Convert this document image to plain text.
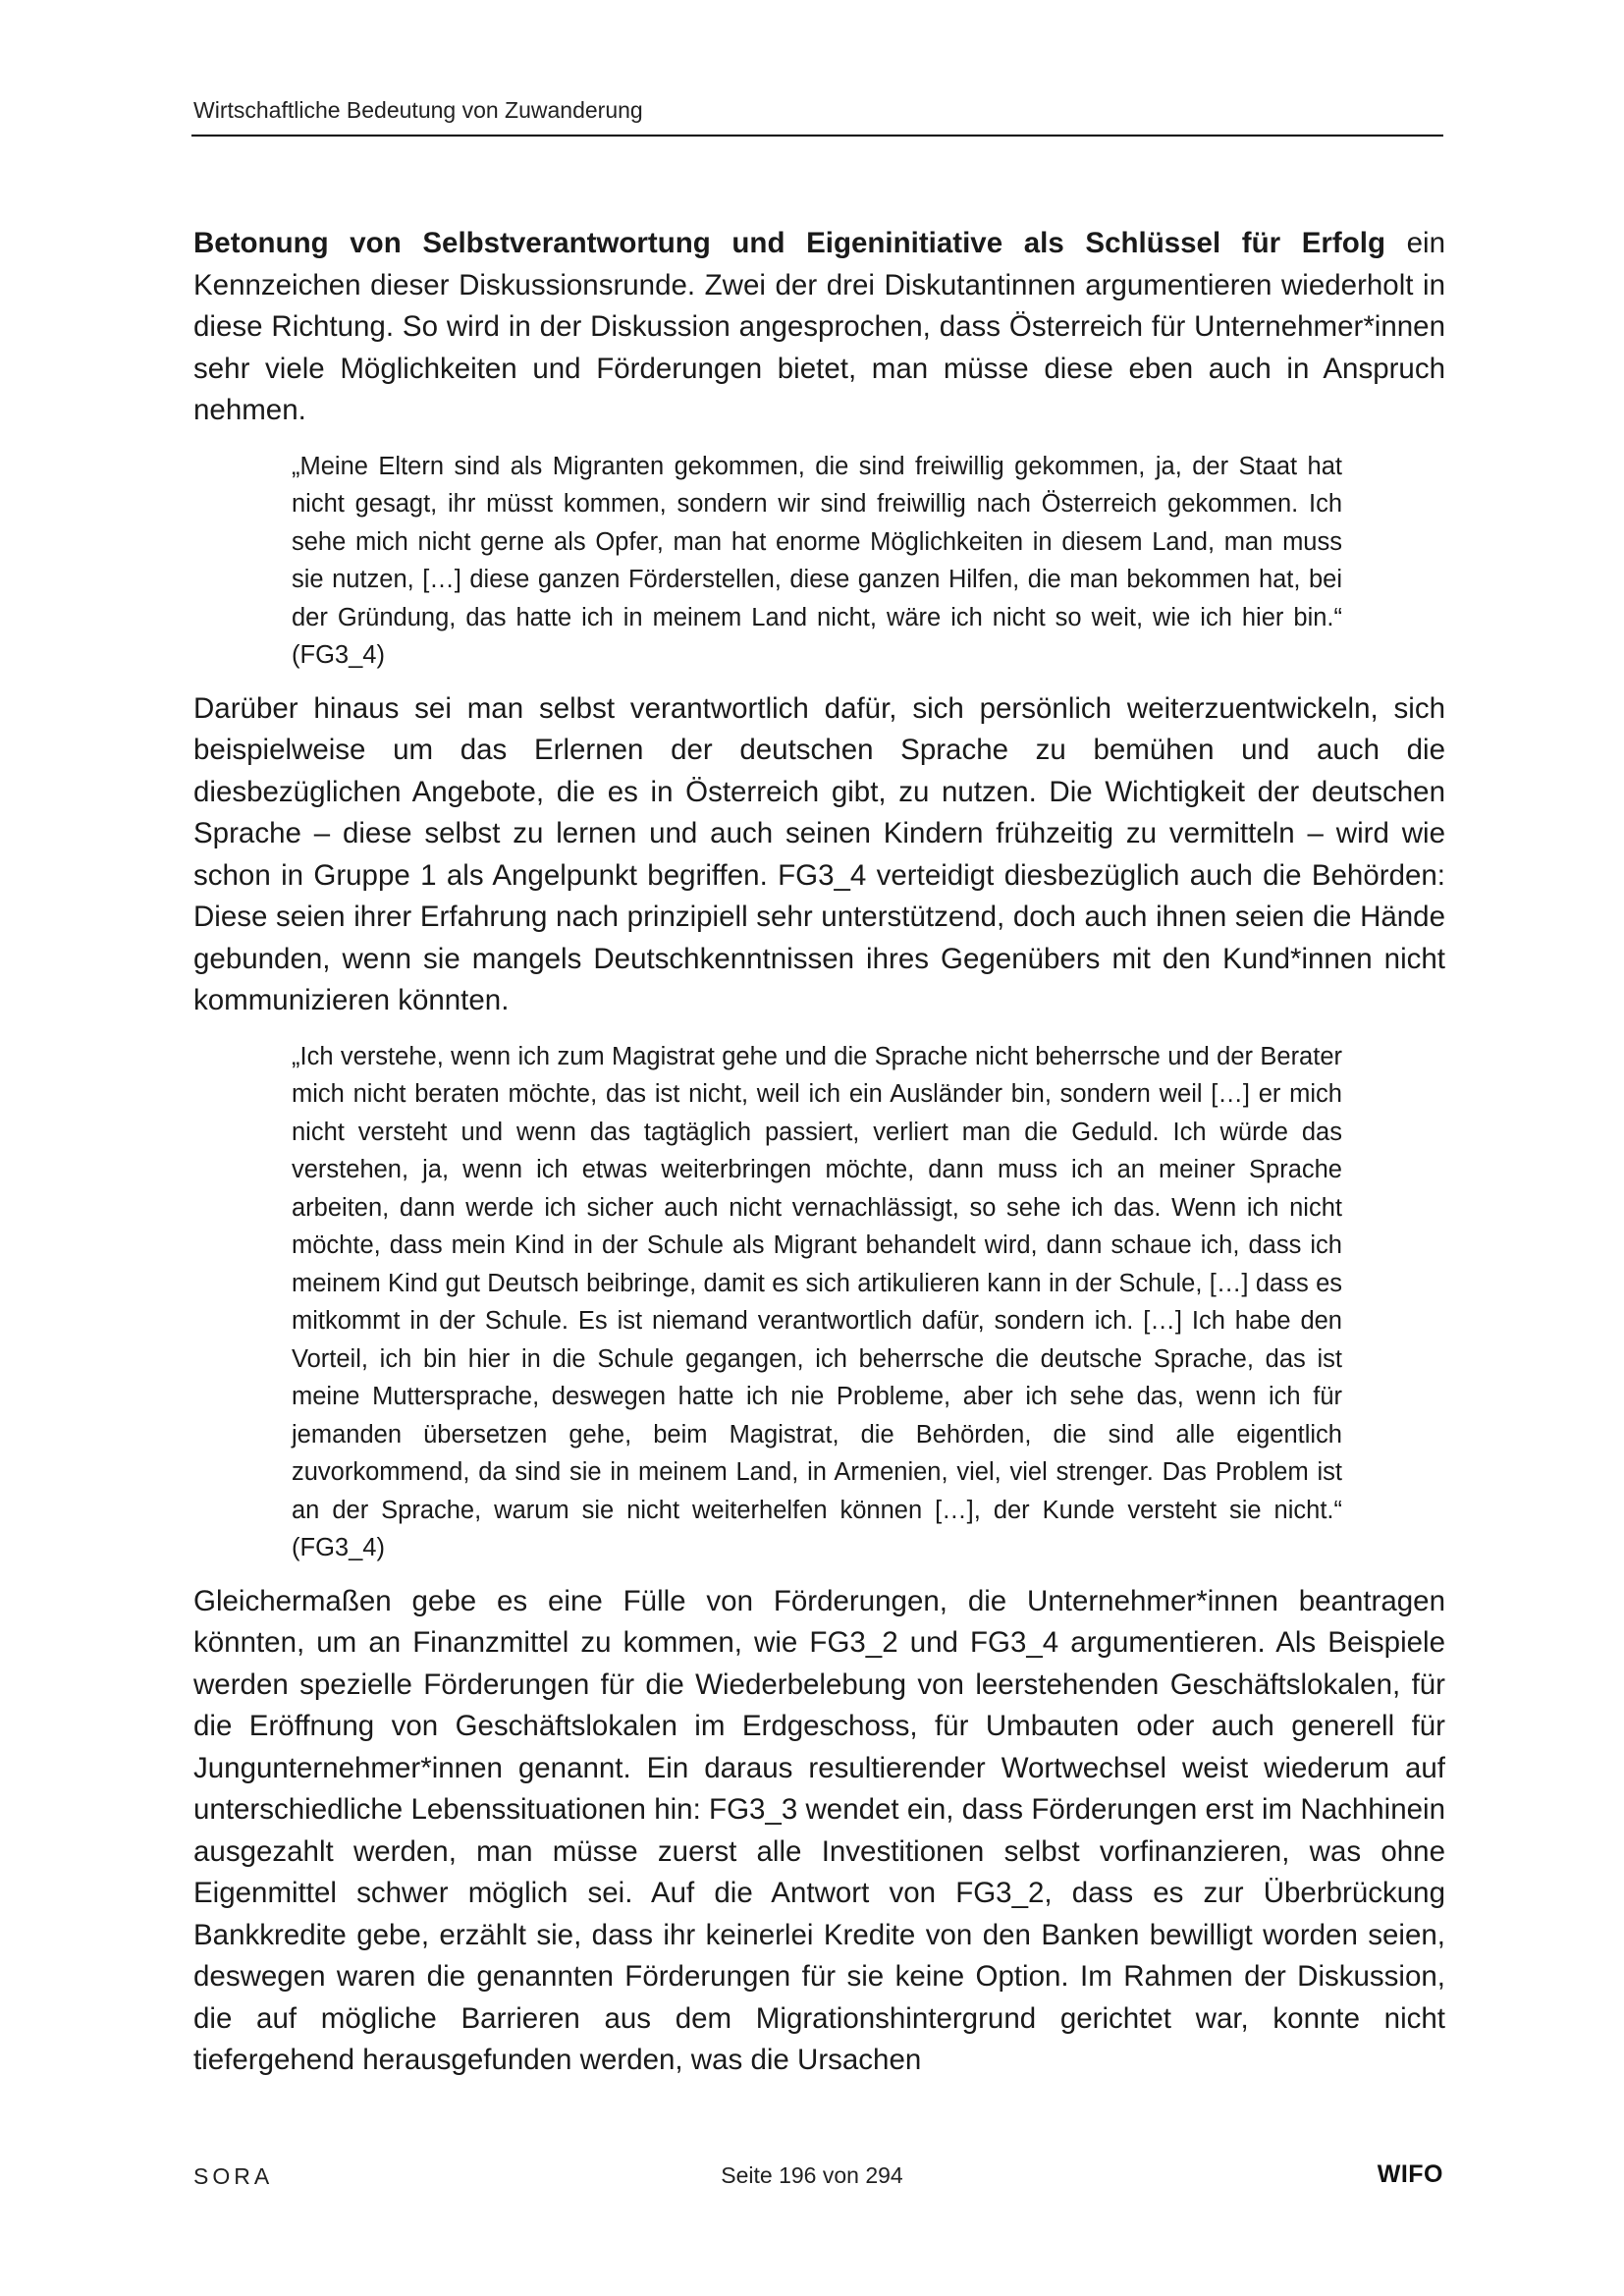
Wirtschaftliche Bedeutung von Zuwanderung

Betonung von Selbstverantwortung und Eigeninitiative als Schlüssel für Erfolg ein Kennzeichen dieser Diskussionsrunde. Zwei der drei Diskutantinnen argumentieren wiederholt in diese Richtung. So wird in der Diskussion angesprochen, dass Österreich für Unternehmer*innen sehr viele Möglichkeiten und Förderungen bietet, man müsse diese eben auch in Anspruch nehmen.

„Meine Eltern sind als Migranten gekommen, die sind freiwillig gekommen, ja, der Staat hat nicht gesagt, ihr müsst kommen, sondern wir sind freiwillig nach Österreich gekommen. Ich sehe mich nicht gerne als Opfer, man hat enorme Möglichkeiten in diesem Land, man muss sie nutzen, […] diese ganzen Förderstellen, diese ganzen Hilfen, die man bekommen hat, bei der Gründung, das hatte ich in meinem Land nicht, wäre ich nicht so weit, wie ich hier bin.“ (FG3_4)

Darüber hinaus sei man selbst verantwortlich dafür, sich persönlich weiterzuentwickeln, sich beispielweise um das Erlernen der deutschen Sprache zu bemühen und auch die diesbezüglichen Angebote, die es in Österreich gibt, zu nutzen. Die Wichtigkeit der deutschen Sprache – diese selbst zu lernen und auch seinen Kindern frühzeitig zu vermitteln – wird wie schon in Gruppe 1 als Angelpunkt begriffen. FG3_4 verteidigt diesbezüglich auch die Behörden: Diese seien ihrer Erfahrung nach prinzipiell sehr unterstützend, doch auch ihnen seien die Hände gebunden, wenn sie mangels Deutschkenntnissen ihres Gegenübers mit den Kund*innen nicht kommunizieren könnten.

„Ich verstehe, wenn ich zum Magistrat gehe und die Sprache nicht beherrsche und der Berater mich nicht beraten möchte, das ist nicht, weil ich ein Ausländer bin, sondern weil […] er mich nicht versteht und wenn das tagtäglich passiert, verliert man die Geduld. Ich würde das verstehen, ja, wenn ich etwas weiterbringen möchte, dann muss ich an meiner Sprache arbeiten, dann werde ich sicher auch nicht vernachlässigt, so sehe ich das. Wenn ich nicht möchte, dass mein Kind in der Schule als Migrant behandelt wird, dann schaue ich, dass ich meinem Kind gut Deutsch beibringe, damit es sich artikulieren kann in der Schule, […] dass es mitkommt in der Schule. Es ist niemand verantwortlich dafür, sondern ich. […] Ich habe den Vorteil, ich bin hier in die Schule gegangen, ich beherrsche die deutsche Sprache, das ist meine Muttersprache, deswegen hatte ich nie Probleme, aber ich sehe das, wenn ich für jemanden übersetzen gehe, beim Magistrat, die Behörden, die sind alle eigentlich zuvorkommend, da sind sie in meinem Land, in Armenien, viel, viel strenger. Das Problem ist an der Sprache, warum sie nicht weiterhelfen können […], der Kunde versteht sie nicht.“ (FG3_4)

Gleichermaßen gebe es eine Fülle von Förderungen, die Unternehmer*innen beantragen könnten, um an Finanzmittel zu kommen, wie FG3_2 und FG3_4 argumentieren. Als Beispiele werden spezielle Förderungen für die Wiederbelebung von leerstehenden Geschäftslokalen, für die Eröffnung von Geschäftslokalen im Erdgeschoss, für Umbauten oder auch generell für Jungunternehmer*innen genannt. Ein daraus resultierender Wortwechsel weist wiederum auf unterschiedliche Lebenssituationen hin: FG3_3 wendet ein, dass Förderungen erst im Nachhinein ausgezahlt werden, man müsse zuerst alle Investitionen selbst vorfinanzieren, was ohne Eigenmittel schwer möglich sei. Auf die Antwort von FG3_2, dass es zur Überbrückung Bankkredite gebe, erzählt sie, dass ihr keinerlei Kredite von den Banken bewilligt worden seien, deswegen waren die genannten Förderungen für sie keine Option. Im Rahmen der Diskussion, die auf mögliche Barrieren aus dem Migrationshintergrund gerichtet war, konnte nicht tiefergehend herausgefunden werden, was die Ursachen

SORA	Seite 196 von 294	WIFO
